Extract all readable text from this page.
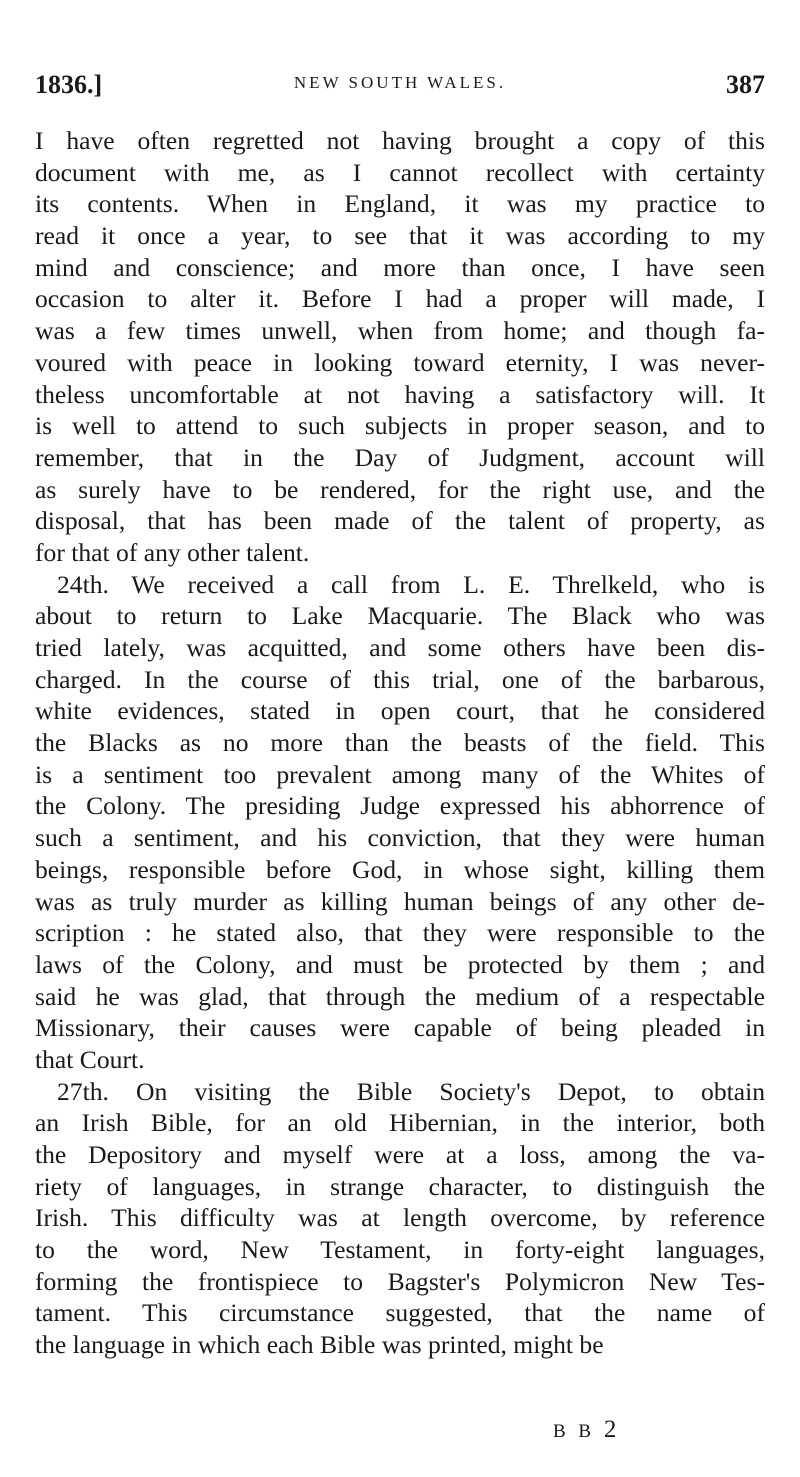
1836.]	NEW SOUTH WALES.	387
I have often regretted not having brought a copy of this
document with me, as I cannot recollect with certainty
its contents. When in England, it was my practice to
read it once a year, to see that it was according to my
mind and conscience; and more than once, I have seen
occasion to alter it. Before I had a proper will made, I
was a few times unwell, when from home; and though fa-
voured with peace in looking toward eternity, I was never-
theless uncomfortable at not having a satisfactory will. It
is well to attend to such subjects in proper season, and to
remember, that in the Day of Judgment, account will
as surely have to be rendered, for the right use, and the
disposal, that has been made of the talent of property, as
for that of any other talent.
24th. We received a call from L. E. Threlkeld, who is
about to return to Lake Macquarie. The Black who was
tried lately, was acquitted, and some others have been dis-
charged. In the course of this trial, one of the barbarous,
white evidences, stated in open court, that he considered
the Blacks as no more than the beasts of the field. This
is a sentiment too prevalent among many of the Whites of
the Colony. The presiding Judge expressed his abhorrence of
such a sentiment, and his conviction, that they were human
beings, responsible before God, in whose sight, killing them
was as truly murder as killing human beings of any other de-
scription : he stated also, that they were responsible to the
laws of the Colony, and must be protected by them ; and
said he was glad, that through the medium of a respectable
Missionary, their causes were capable of being pleaded in
that Court.
27th. On visiting the Bible Society's Depot, to obtain
an Irish Bible, for an old Hibernian, in the interior, both
the Depository and myself were at a loss, among the va-
riety of languages, in strange character, to distinguish the
Irish. This difficulty was at length overcome, by reference
to the word, New Testament, in forty-eight languages,
forming the frontispiece to Bagster's Polymicron New Tes-
tament. This circumstance suggested, that the name of
the language in which each Bible was printed, might be
B B 2
